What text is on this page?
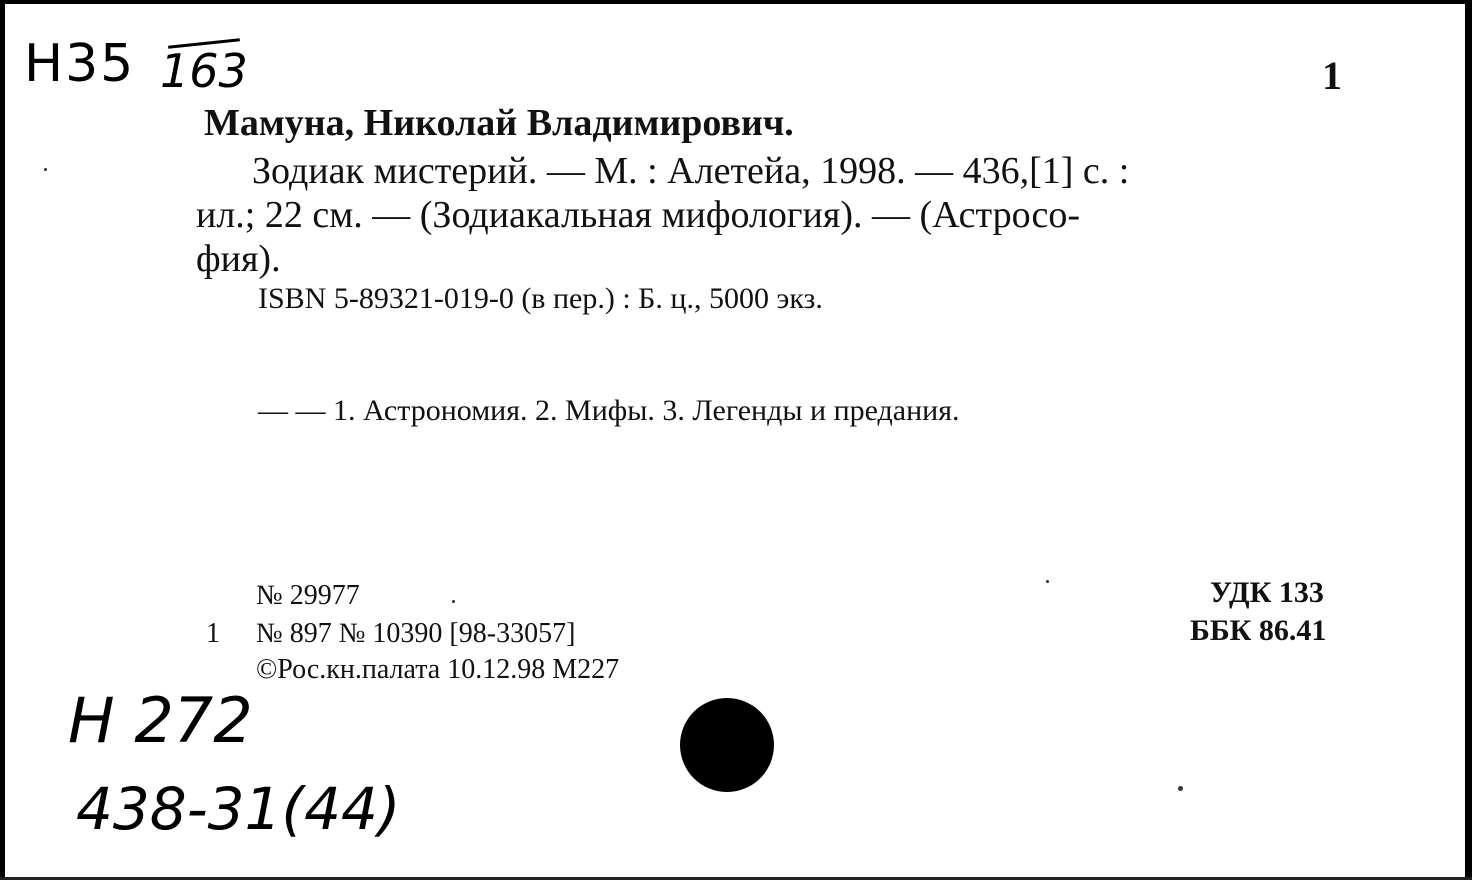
Н35 163	1
Мамуна, Николай Владимирович.
Зодиак мистерий. — М. : Алетейа, 1998. — 436,[1] с. :
ил.; 22 см. — (Зодиакальная мифология). — (Астросо-
фия).
ISBN 5-89321-019-0 (в пер.) : Б. ц., 5000 экз.
— — 1. Астрономия. 2. Мифы. 3. Легенды и предания.
№ 29977
1 № 897 № 10390 [98-33057]
©Рос.кн.палата 10.12.98 М227
УДК 133
ББК 86.41
Н 272
438-31(44)
